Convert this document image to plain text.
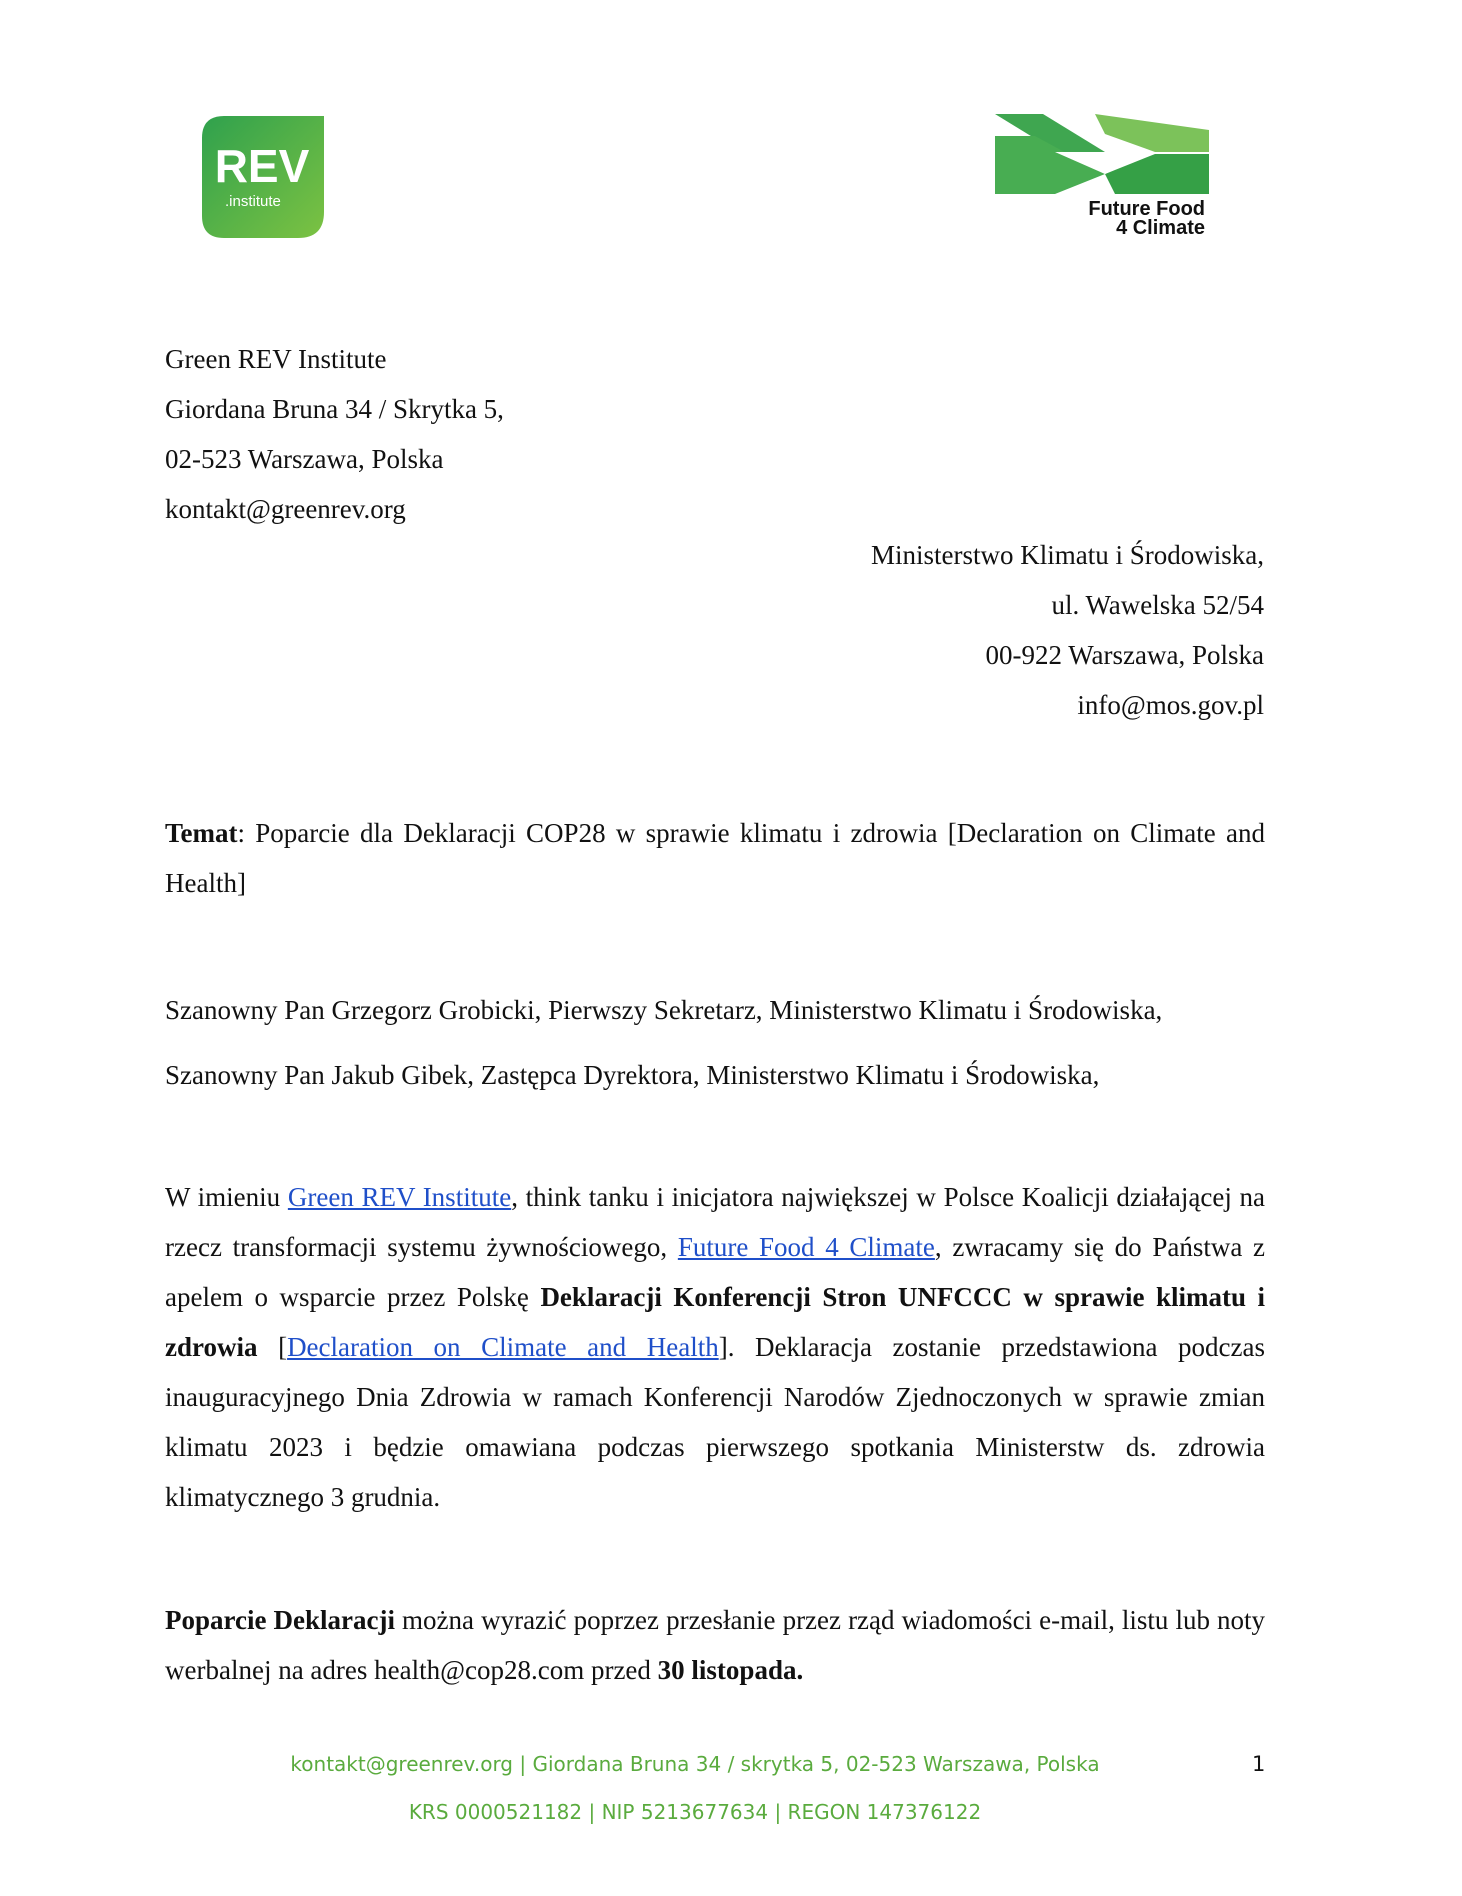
REV
.institute	Future Food
4 Climate
Green REV Institute
Giordana Bruna 34 / Skrytka 5,
02-523 Warszawa, Polska
kontakt@greenrev.org
Ministerstwo Klimatu i Środowiska,
ul. Wawelska 52/54
00-922 Warszawa, Polska
info@mos.gov.pl
Temat: Poparcie dla Deklaracji COP28 w sprawie klimatu i zdrowia [Declaration on Climate and Health]
Szanowny Pan Grzegorz Grobicki, Pierwszy Sekretarz, Ministerstwo Klimatu i Środowiska,
Szanowny Pan Jakub Gibek, Zastępca Dyrektora, Ministerstwo Klimatu i Środowiska,
W imieniu Green REV Institute, think tanku i inicjatora największej w Polsce Koalicji działającej na rzecz transformacji systemu żywnościowego, Future Food 4 Climate, zwracamy się do Państwa z apelem o wsparcie przez Polskę Deklaracji Konferencji Stron UNFCCC w sprawie klimatu i zdrowia [Declaration on Climate and Health]. Deklaracja zostanie przedstawiona podczas inauguracyjnego Dnia Zdrowia w ramach Konferencji Narodów Zjednoczonych w sprawie zmian klimatu 2023 i będzie omawiana podczas pierwszego spotkania Ministerstw ds. zdrowia klimatycznego 3 grudnia.
Poparcie Deklaracji można wyrazić poprzez przesłanie przez rząd wiadomości e-mail, listu lub noty werbalnej na adres health@cop28.com przed 30 listopada.
kontakt@greenrev.org | Giordana Bruna 34 / skrytka 5, 02-523 Warszawa, Polska
KRS 0000521182 | NIP 5213677634 | REGON 147376122
1
